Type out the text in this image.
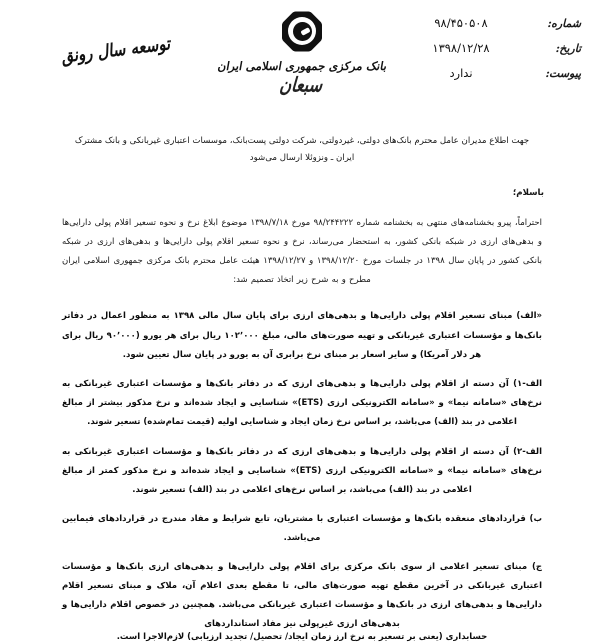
توسعه سال رونق	بانک مرکزی جمهوری اسلامی ایران
سبعان
شماره:
۹۸/۴۵۰۵۰۸
تاریخ:
۱۳۹۸/۱۲/۲۸
پیوست:
ندارد
جهت اطلاع مدیران عامل محترم بانک‌های دولتی، غیردولتی، شرکت دولتی پست‌بانک، موسسات اعتباری غیربانکی و بانک مشترک ایران ـ ونزوئلا ارسال می‌شود
باسلام؛

احتراماً، پیرو بخشنامه‌های منتهی به بخشنامه شماره ۹۸/۲۴۴۲۲۲ مورخ ۱۳۹۸/۷/۱۸ موضوع ابلاغ نرخ و نحوه تسعیر اقلام پولی دارایی‌ها و بدهی‌های ارزی در شبکه بانکی کشور، به استحضار می‌رساند، نرخ و نحوه تسعیر اقلام پولی دارایی‌ها و بدهی‌های ارزی در شبکه بانکی کشور در پایان سال ۱۳۹۸ در جلسات مورخ ۱۳۹۸/۱۲/۲۰ و ۱۳۹۸/۱۲/۲۷ هیئت عامل محترم بانک مرکزی جمهوری اسلامی ایران مطرح و به شرح زیر اتخاذ تصمیم شد:

«الف) مبنای تسعیر اقلام پولی دارایی‌ها و بدهی‌های ارزی برای پایان سال مالی ۱۳۹۸ به منظور اعمال در دفاتر بانک‌ها و مؤسسات اعتباری غیربانکی و تهیه صورت‌های مالی، مبلغ ۱۰۲٬۰۰۰ ریال برای هر یورو (۹۰٬۰۰۰ ریال برای هر دلار آمریکا) و سایر اسعار بر مبنای نرخ برابری آن به یورو در پایان سال تعیین شود.

الف-۱) آن دسته از اقلام پولی دارایی‌ها و بدهی‌های ارزی که در دفاتر بانک‌ها و مؤسسات اعتباری غیربانکی به نرخ‌های «سامانه نیما» و «سامانه الکترونیکی ارزی (ETS)» شناسایی و ایجاد شده‌اند و نرخ مذکور بیشتر از مبالغ اعلامی در بند (الف) می‌باشد، بر اساس نرخ زمان ایجاد و شناسایی اولیه (قیمت تمام‌شده) تسعیر شوند.

الف-۲) آن دسته از اقلام پولی دارایی‌ها و بدهی‌های ارزی که در دفاتر بانک‌ها و مؤسسات اعتباری غیربانکی به نرخ‌های «سامانه نیما» و «سامانه الکترونیکی ارزی (ETS)» شناسایی و ایجاد شده‌اند و نرخ مذکور کمتر از مبالغ اعلامی در بند (الف) می‌باشد، بر اساس نرخ‌های اعلامی در بند (الف) تسعیر شوند.

ب) قراردادهای منعقده بانک‌ها و مؤسسات اعتباری با مشتریان، تابع شرایط و مفاد مندرج در قراردادهای فیمابین می‌باشد.

ج) مبنای تسعیر اعلامی از سوی بانک مرکزی برای اقلام پولی دارایی‌ها و بدهی‌های ارزی بانک‌ها و مؤسسات اعتباری غیربانکی در آخرین مقطع تهیه صورت‌های مالی، تا مقطع بعدی اعلام آن، ملاک و مبنای تسعیر اقلام دارایی‌ها و بدهی‌های ارزی در بانک‌ها و مؤسسات اعتباری غیربانکی می‌باشد. همچنین در خصوص اقلام دارایی‌ها و بدهی‌های ارزی غیرپولی نیز مفاد استانداردهای

حسابداری (یعنی بر تسعیر به نرخ ارز زمان ایجاد/ تحصیل/ تجدید ارزیابی) لازم‌الاجرا است.
